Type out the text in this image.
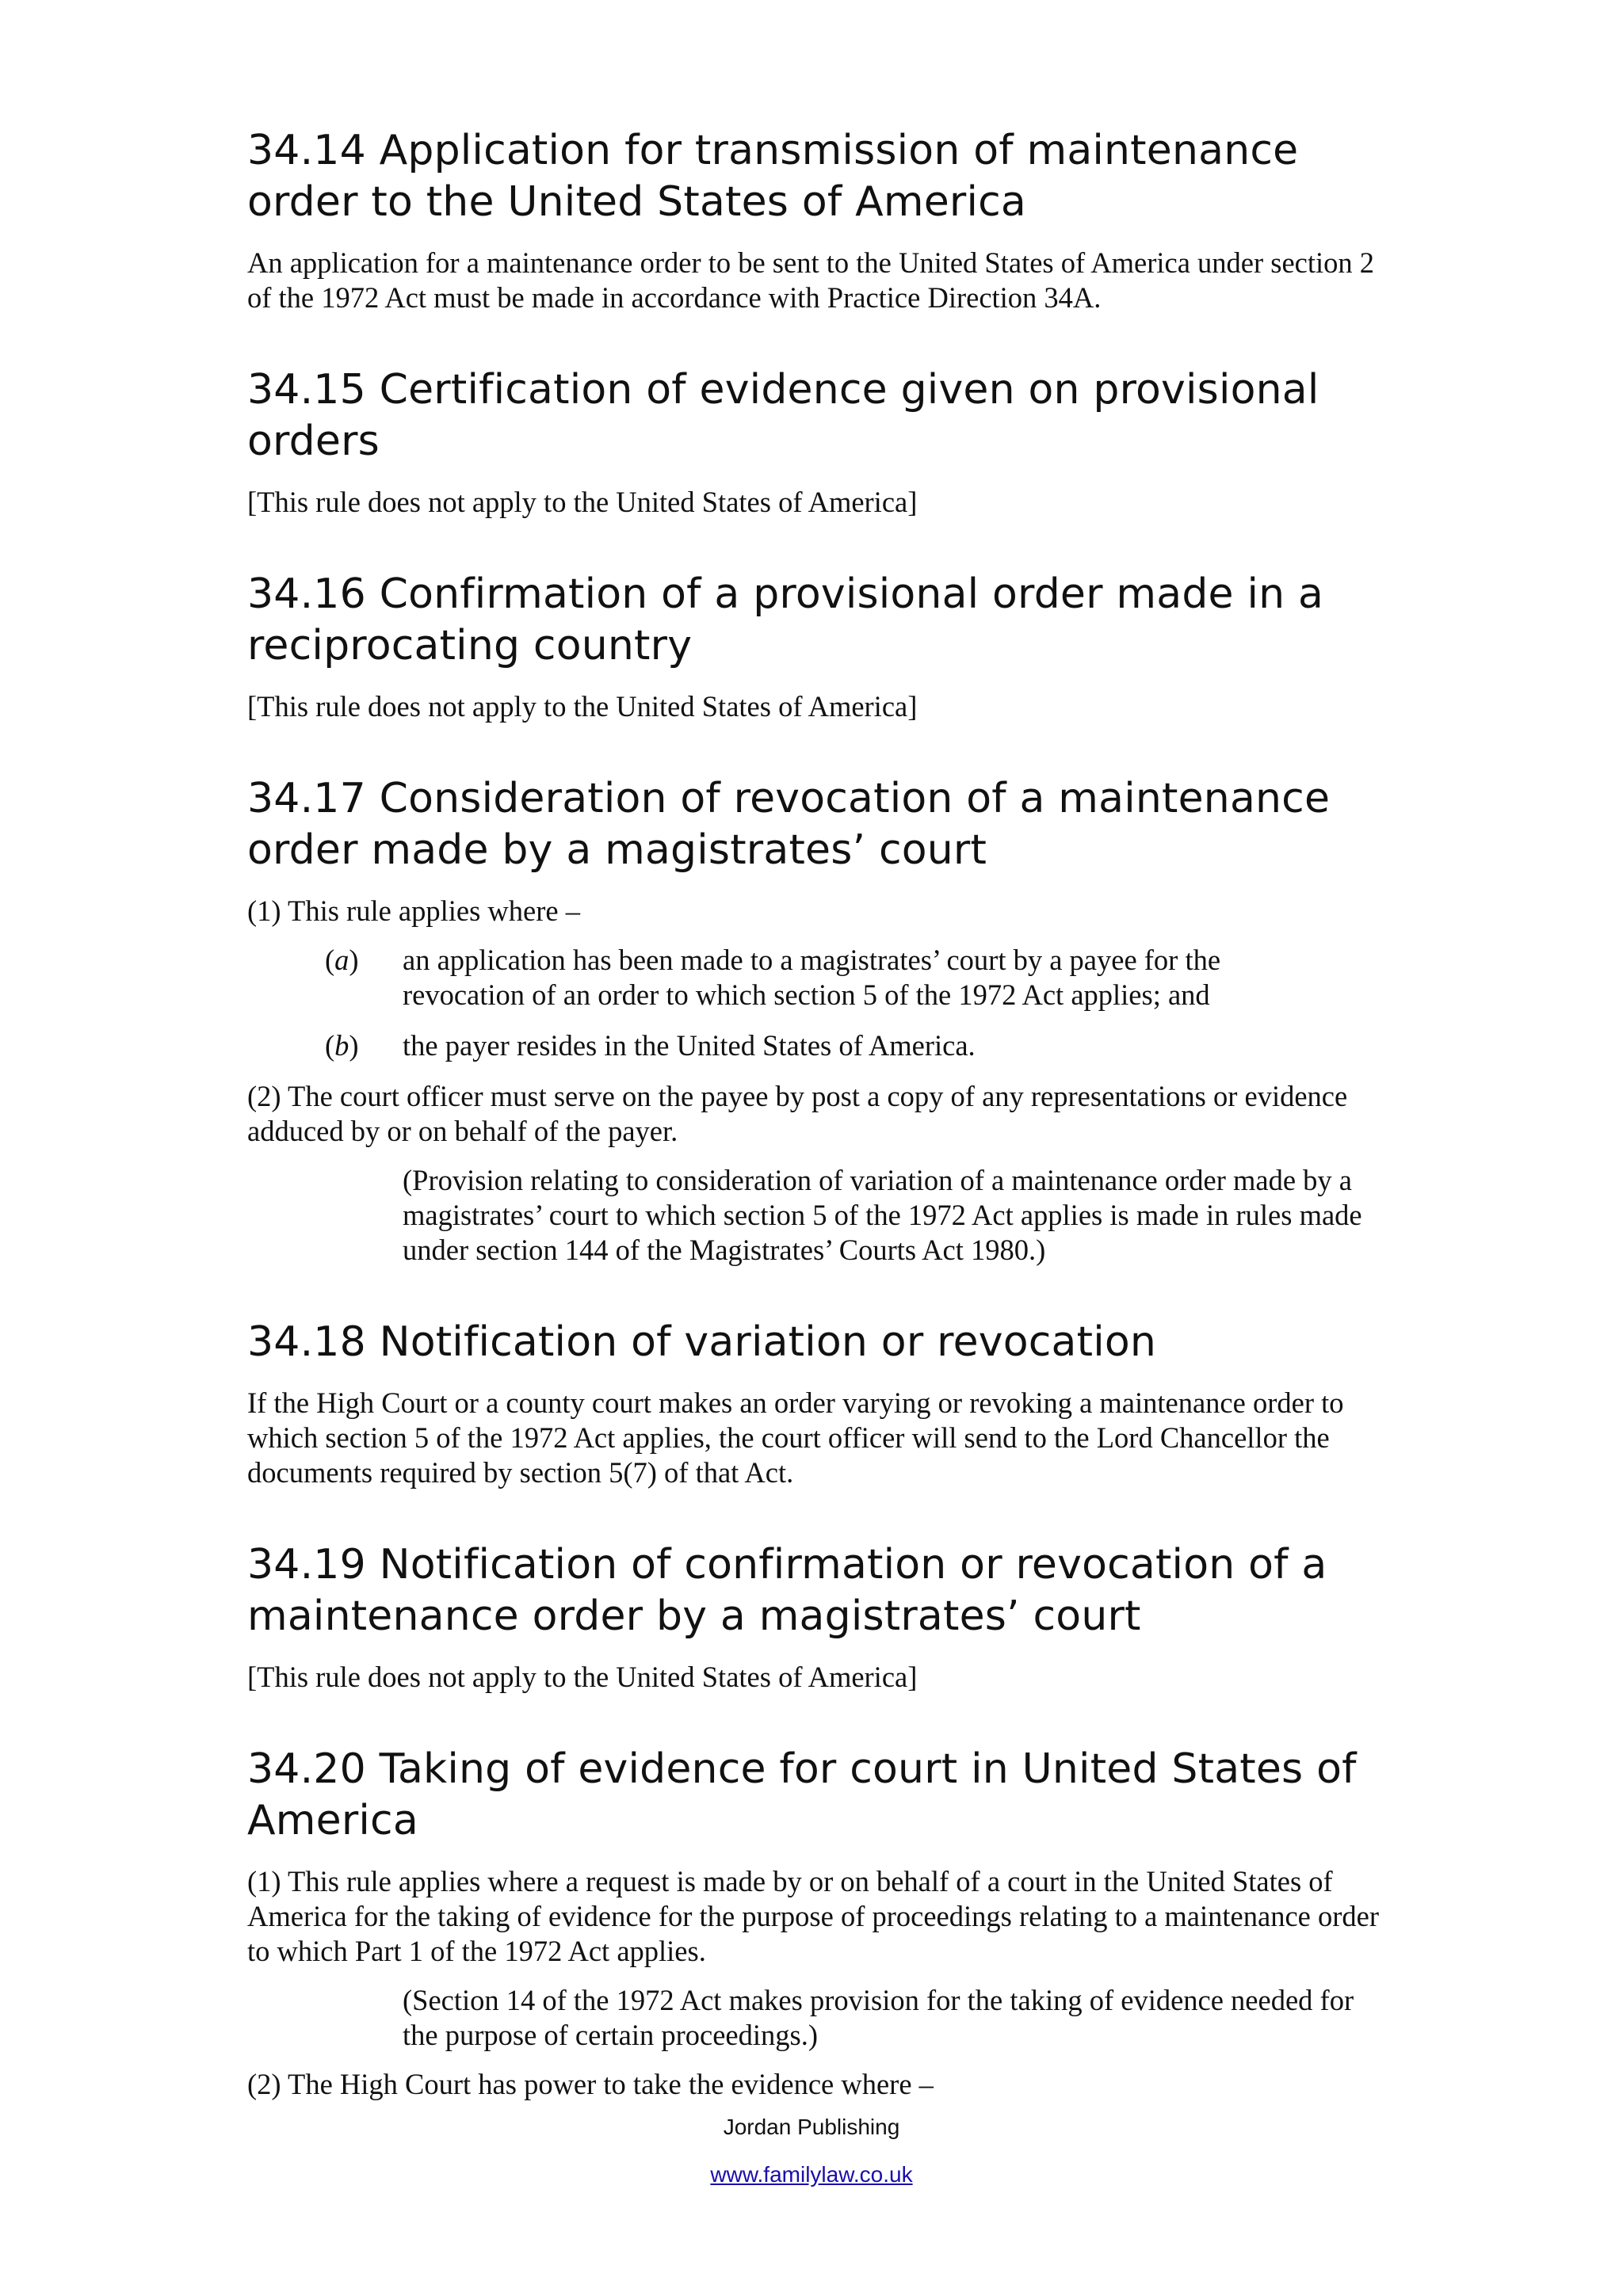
34.14 Application for transmission of maintenance order to the United States of America

An application for a maintenance order to be sent to the United States of America under section 2 of the 1972 Act must be made in accordance with Practice Direction 34A.

34.15 Certification of evidence given on provisional orders

[This rule does not apply to the United States of America]

34.16 Confirmation of a provisional order made in a reciprocating country

[This rule does not apply to the United States of America]

34.17 Consideration of revocation of a maintenance order made by a magistrates’ court

(1) This rule applies where –

(a)	an application has been made to a magistrates’ court by a payee for the revocation of an order to which section 5 of the 1972 Act applies; and
(b)	the payer resides in the United States of America.

(2) The court officer must serve on the payee by post a copy of any representations or evidence adduced by or on behalf of the payer.

(Provision relating to consideration of variation of a maintenance order made by a magistrates’ court to which section 5 of the 1972 Act applies is made in rules made under section 144 of the Magistrates’ Courts Act 1980.)

34.18 Notification of variation or revocation

If the High Court or a county court makes an order varying or revoking a maintenance order to which section 5 of the 1972 Act applies, the court officer will send to the Lord Chancellor the documents required by section 5(7) of that Act.

34.19 Notification of confirmation or revocation of a maintenance order by a magistrates’ court

[This rule does not apply to the United States of America]

34.20 Taking of evidence for court in United States of America

(1) This rule applies where a request is made by or on behalf of a court in the United States of America for the taking of evidence for the purpose of proceedings relating to a maintenance order to which Part 1 of the 1972 Act applies.

(Section 14 of the 1972 Act makes provision for the taking of evidence needed for the purpose of certain proceedings.)

(2) The High Court has power to take the evidence where –

Jordan Publishing
www.familylaw.co.uk
